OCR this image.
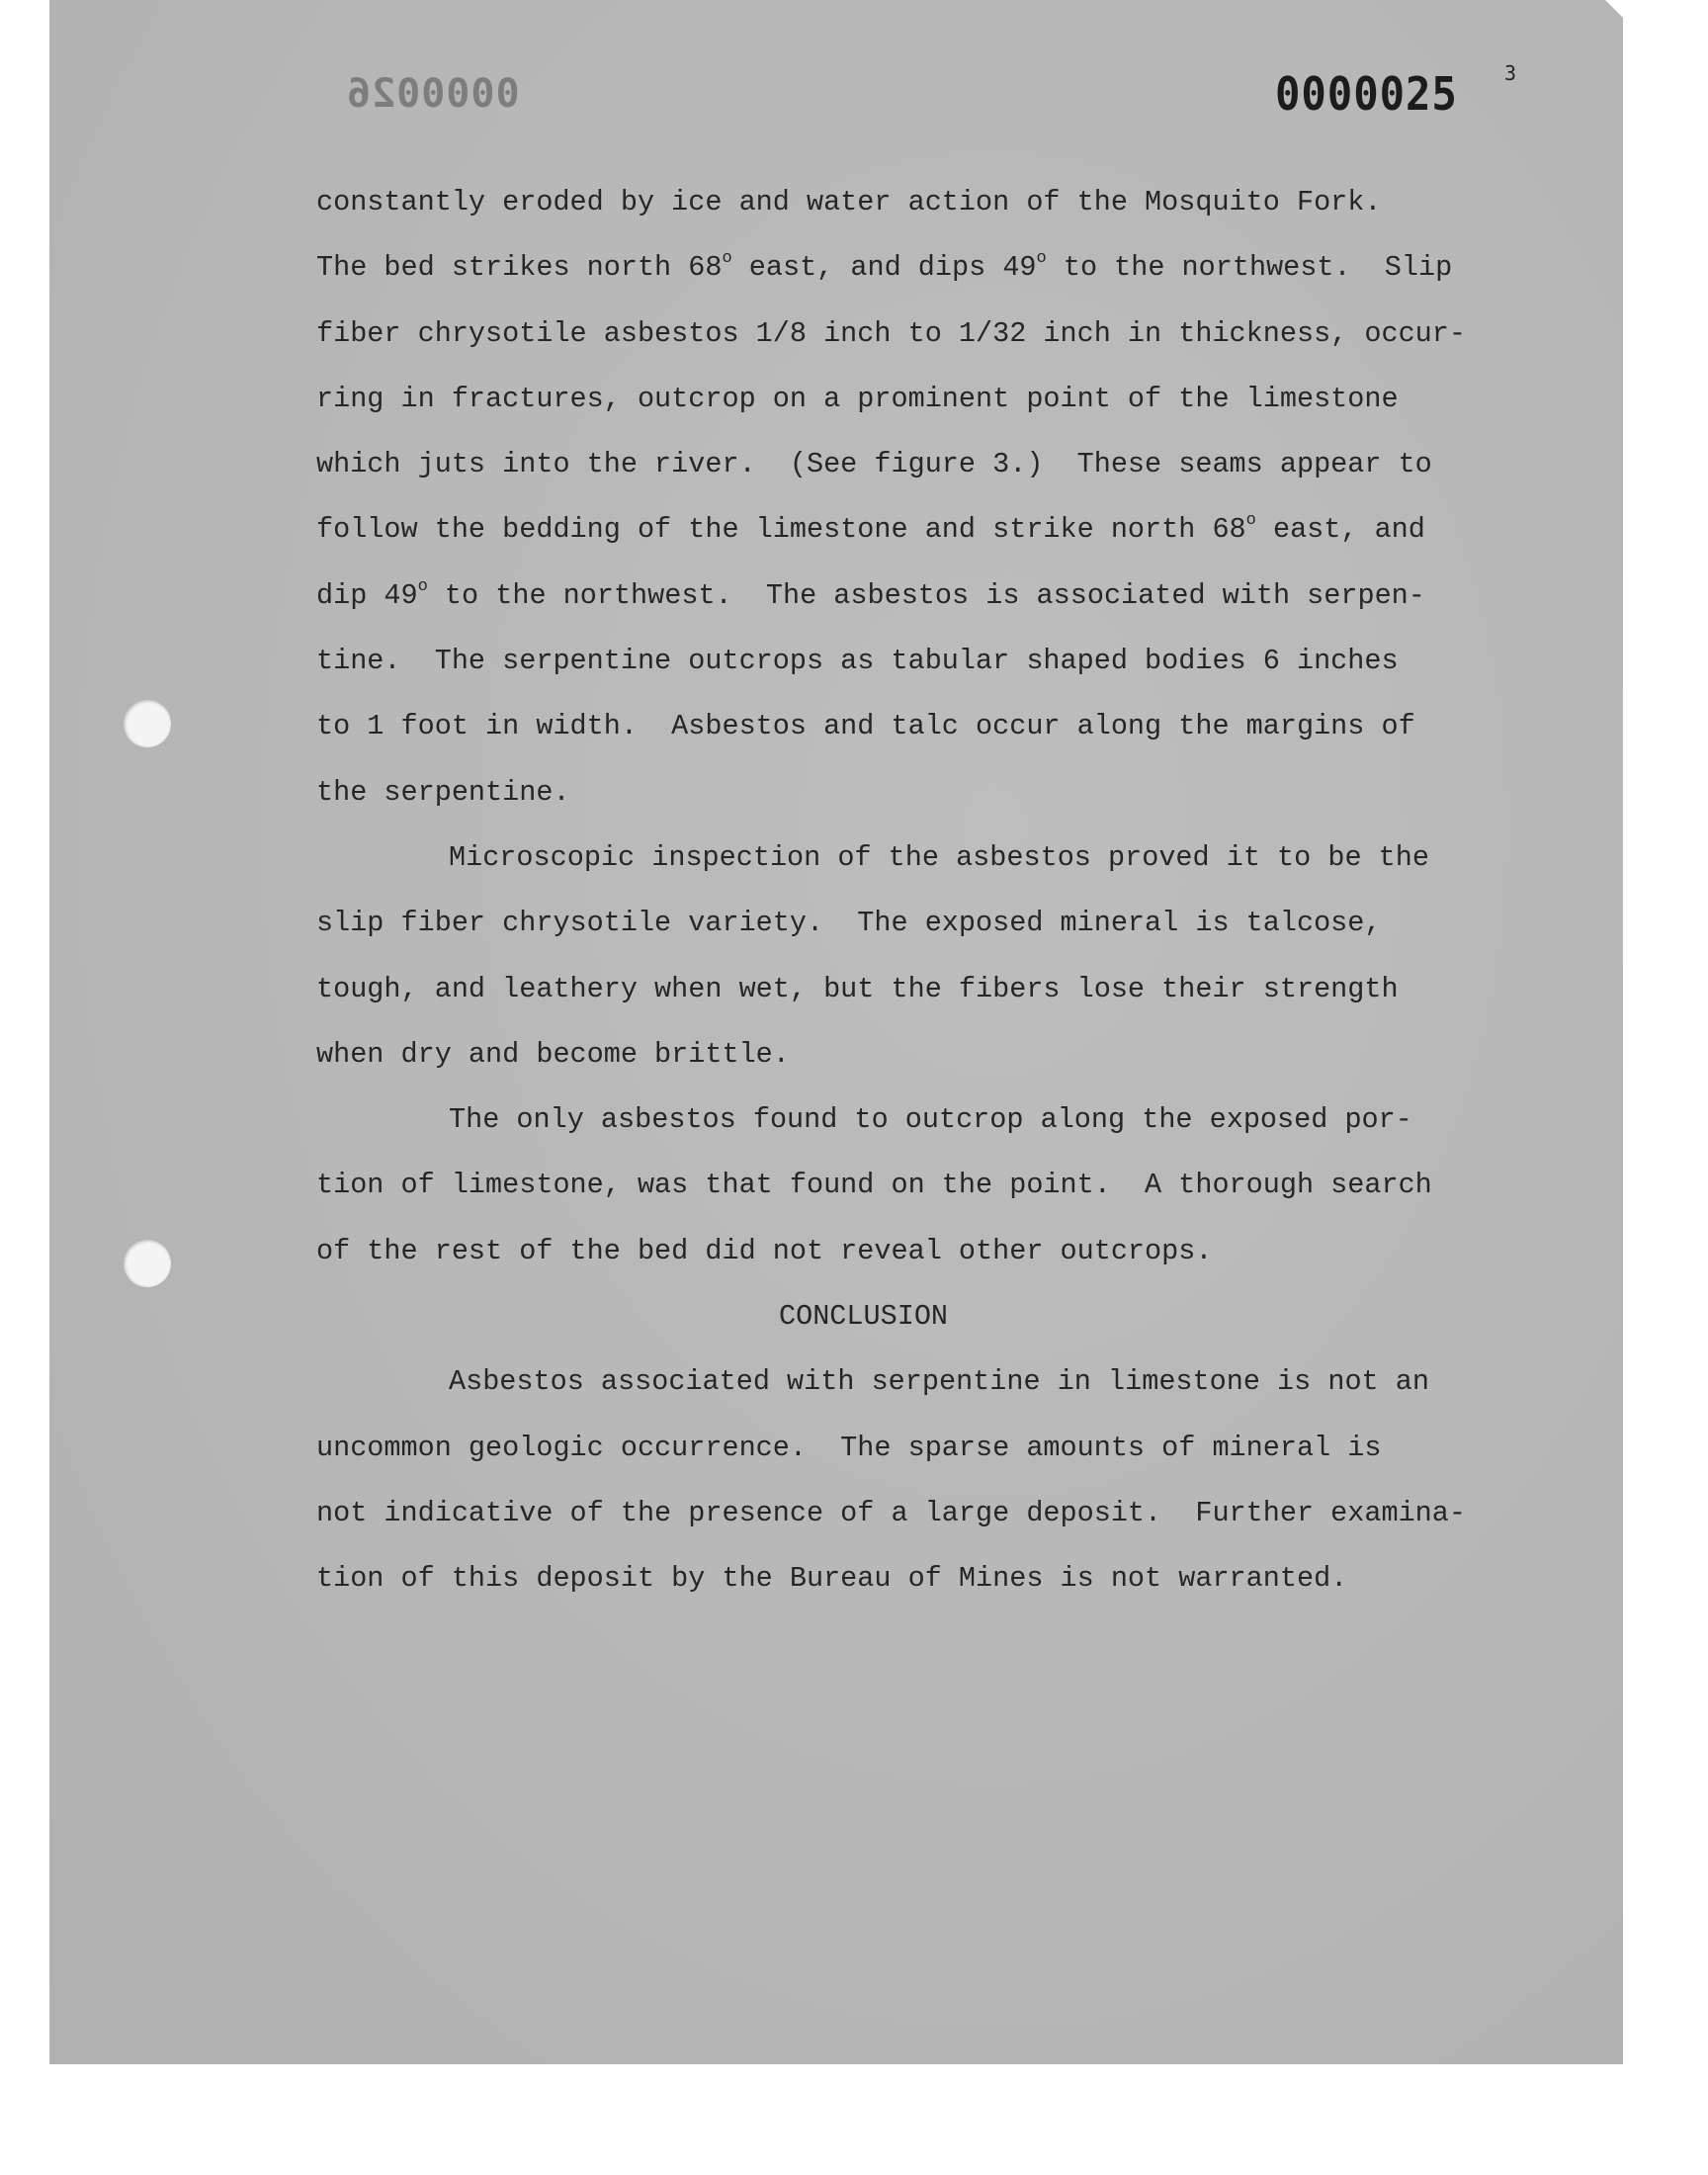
0000026	0000025 3
constantly eroded by ice and water action of the Mosquito Fork.
The bed strikes north 68$^o$ east, and dips 49$^o$ to the northwest.  Slip
fiber chrysotile asbestos 1/8 inch to 1/32 inch in thickness, occur-
ring in fractures, outcrop on a prominent point of the limestone
which juts into the river.  (See figure 3.)  These seams appear to
follow the bedding of the limestone and strike north 68$^o$ east, and
dip 49$^o$ to the northwest.  The asbestos is associated with serpen-
tine.  The serpentine outcrops as tabular shaped bodies 6 inches
to 1 foot in width.  Asbestos and talc occur along the margins of
the serpentine.
Microscopic inspection of the asbestos proved it to be the
slip fiber chrysotile variety.  The exposed mineral is talcose,
tough, and leathery when wet, but the fibers lose their strength
when dry and become brittle.
The only asbestos found to outcrop along the exposed por-
tion of limestone, was that found on the point.  A thorough search
of the rest of the bed did not reveal other outcrops.
CONCLUSION
Asbestos associated with serpentine in limestone is not an
uncommon geologic occurrence.  The sparse amounts of mineral is
not indicative of the presence of a large deposit.  Further examina-
tion of this deposit by the Bureau of Mines is not warranted.
